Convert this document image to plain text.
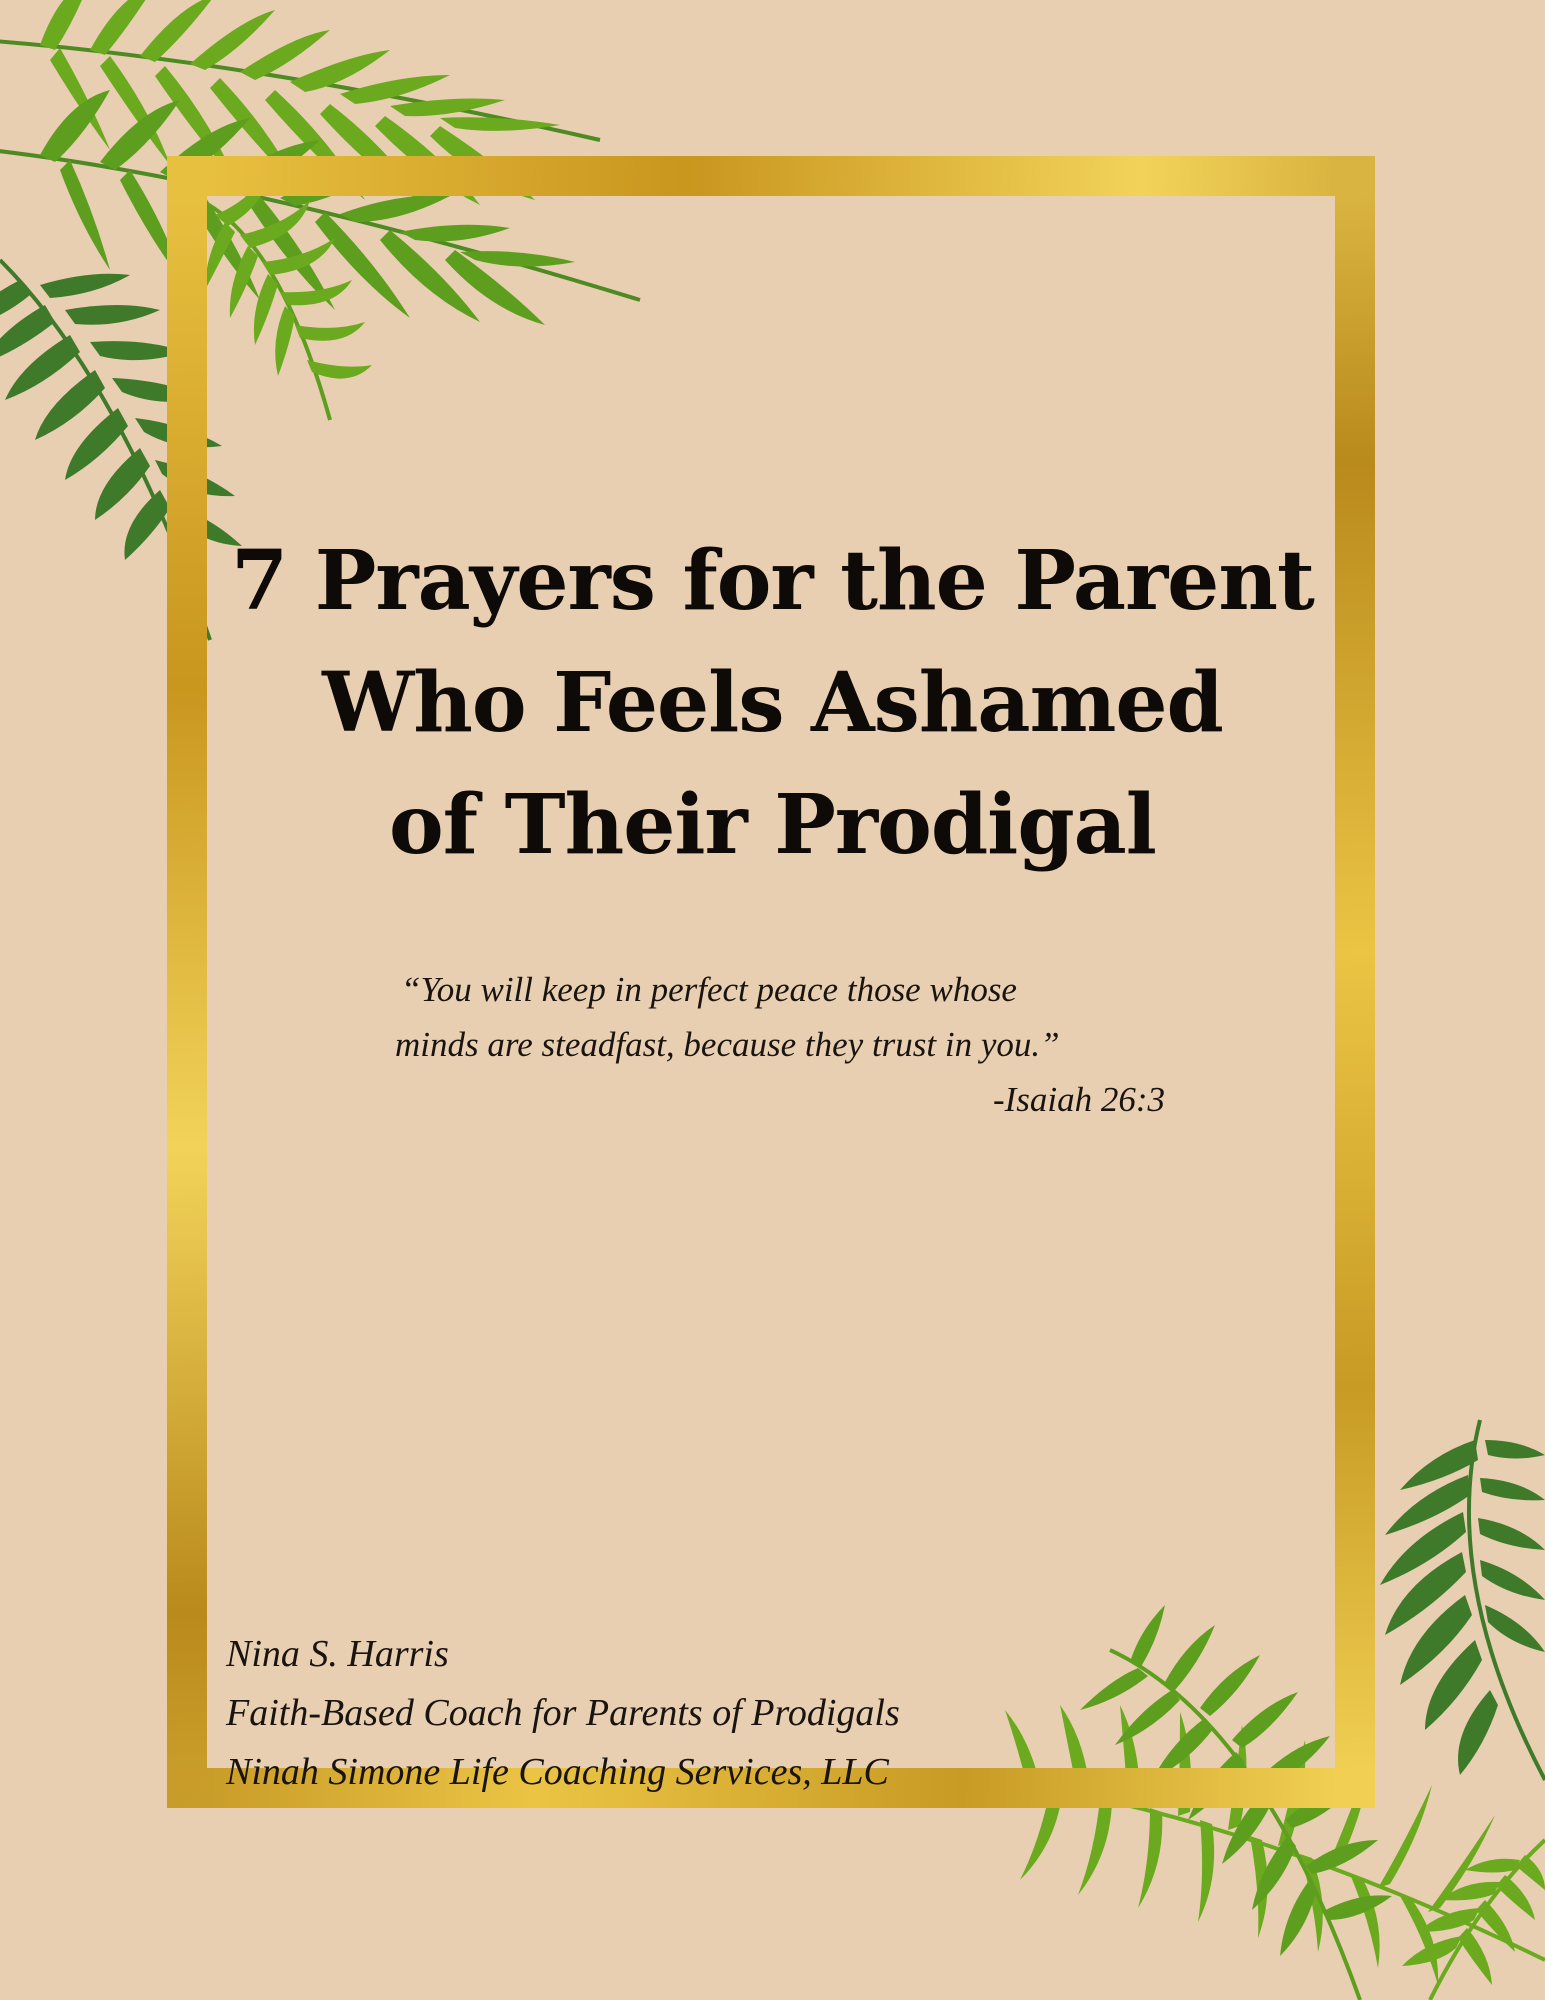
7 Prayers for the Parent
Who Feels Ashamed
of Their Prodigal
“You will keep in perfect peace those whose
minds are steadfast, because they trust in you.”
-Isaiah 26:3
Nina S. Harris
Faith-Based Coach for Parents of Prodigals
Ninah Simone Life Coaching Services, LLC
